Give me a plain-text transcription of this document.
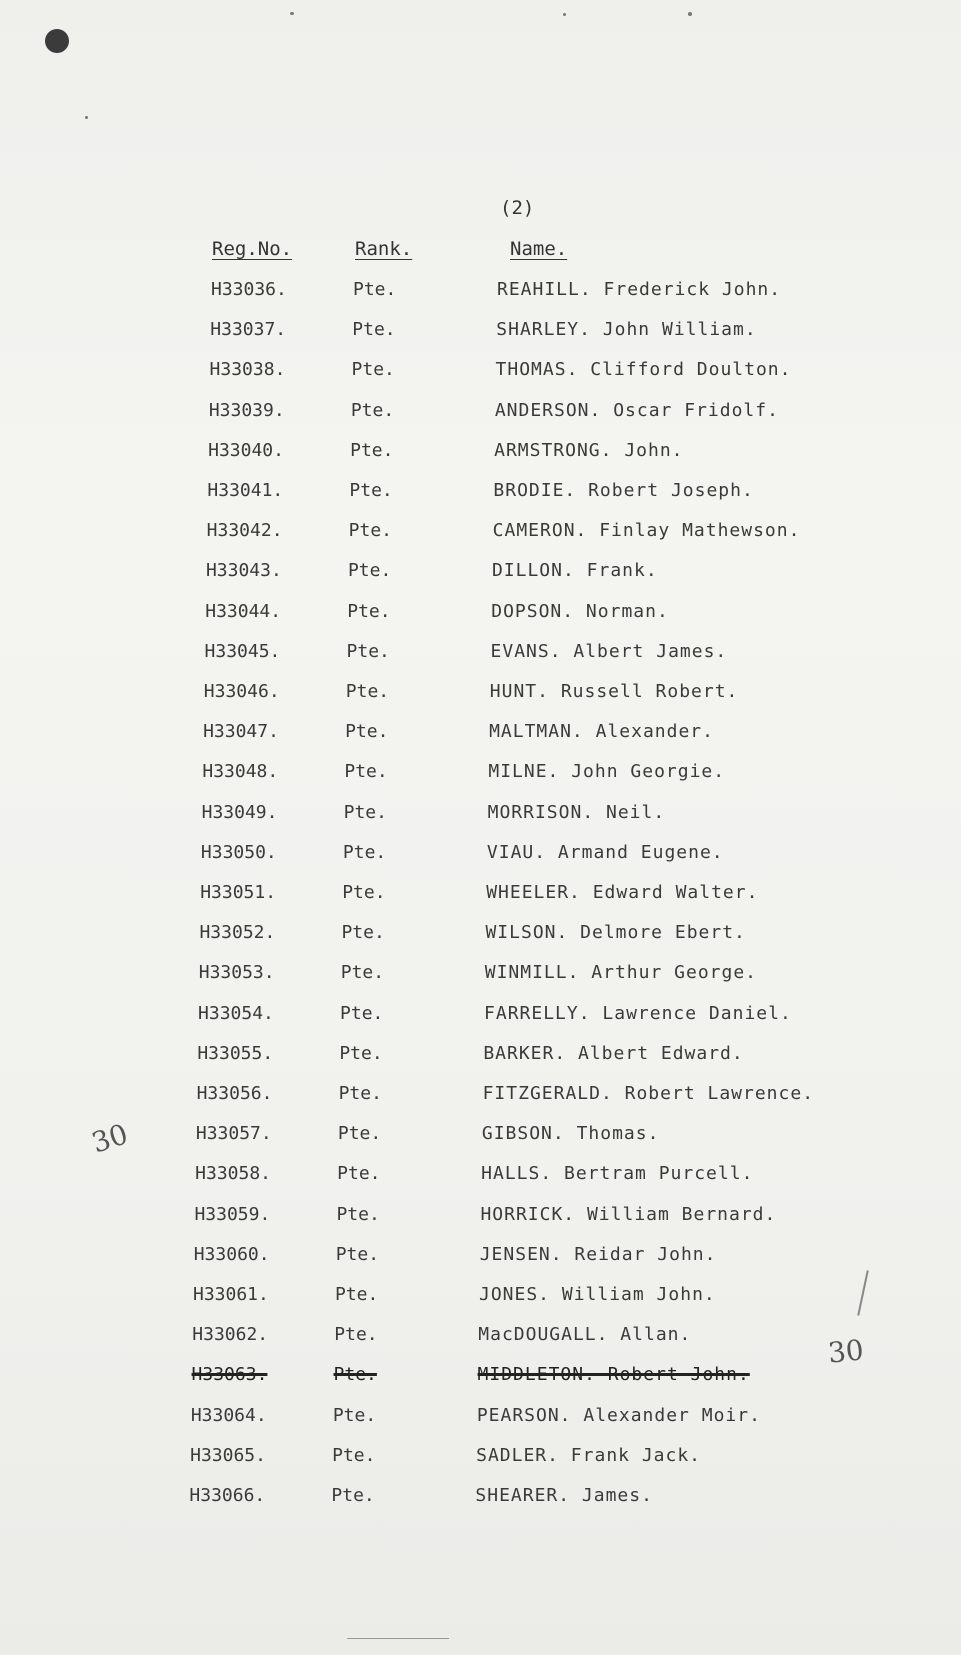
(2)
Reg.No.	Rank.	Name.
H33036.	Pte.	REAHILL. Frederick John.
H33037.	Pte.	SHARLEY. John William.
H33038.	Pte.	THOMAS. Clifford Doulton.
H33039.	Pte.	ANDERSON. Oscar Fridolf.
H33040.	Pte.	ARMSTRONG. John.
H33041.	Pte.	BRODIE. Robert Joseph.
H33042.	Pte.	CAMERON. Finlay Mathewson.
H33043.	Pte.	DILLON. Frank.
H33044.	Pte.	DOPSON. Norman.
H33045.	Pte.	EVANS. Albert James.
H33046.	Pte.	HUNT. Russell Robert.
H33047.	Pte.	MALTMAN. Alexander.
H33048.	Pte.	MILNE. John Georgie.
H33049.	Pte.	MORRISON. Neil.
H33050.	Pte.	VIAU. Armand Eugene.
H33051.	Pte.	WHEELER. Edward Walter.
H33052.	Pte.	WILSON. Delmore Ebert.
H33053.	Pte.	WINMILL. Arthur George.
H33054.	Pte.	FARRELLY. Lawrence Daniel.
H33055.	Pte.	BARKER. Albert Edward.
H33056.	Pte.	FITZGERALD. Robert Lawrence.
H33057.	Pte.	GIBSON. Thomas.
H33058.	Pte.	HALLS. Bertram Purcell.
H33059.	Pte.	HORRICK. William Bernard.
H33060.	Pte.	JENSEN. Reidar John.
H33061.	Pte.	JONES. William John.
H33062.	Pte.	MacDOUGALL. Allan.
H33063.	Pte.	MIDDLETON. Robert John.
H33064.	Pte.	PEARSON. Alexander Moir.
H33065.	Pte.	SADLER. Frank Jack.
H33066.	Pte.	SHEARER. James.
30
30
